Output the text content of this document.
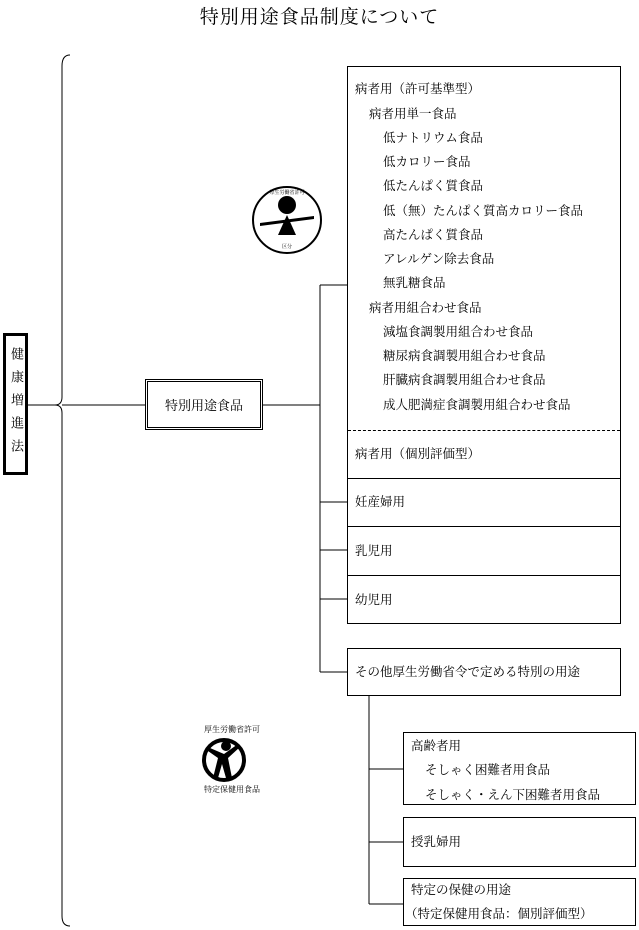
特別用途食品制度について
健康増進法	特別用途食品
厚生労働省許可
区分
厚生労働省許可
特定保健用食品
病者用（許可基準型）
病者用単一食品
低ナトリウム食品
低カロリー食品
低たんぱく質食品
低（無）たんぱく質高カロリー食品
高たんぱく質食品
アレルゲン除去食品
無乳糖食品
病者用組合わせ食品
減塩食調製用組合わせ食品
糖尿病食調製用組合わせ食品
肝臓病食調製用組合わせ食品
成人肥満症食調製用組合わせ食品
病者用（個別評価型）
妊産婦用
乳児用
幼児用
その他厚生労働省令で定める特別の用途
高齢者用
そしゃく困難者用食品
そしゃく・えん下困難者用食品
授乳婦用
特定の保健の用途
（特定保健用食品：個別評価型）
